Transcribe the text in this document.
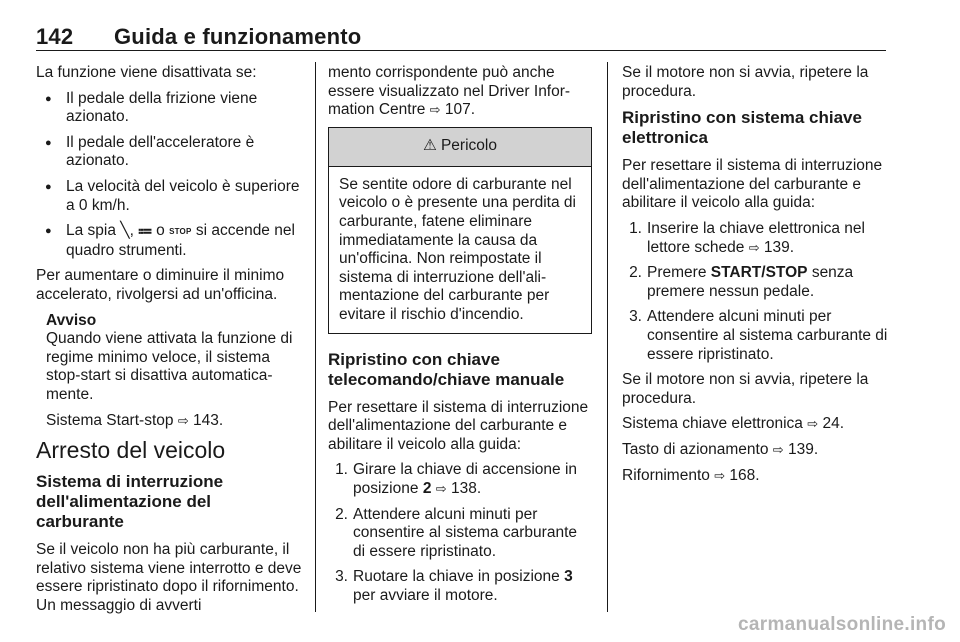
142 Guida e funzionamento

La funzione viene disattivata se:

● Il pedale della frizione viene azionato.
● Il pedale dell'acceleratore è azionato.
● La velocità del veicolo è superiore a 0 km/h.
● La spia ╲, ⩴ o STOP si accende nel quadro strumenti.

Per aumentare o diminuire il minimo accelerato, rivolgersi ad un'officina.

Avviso

Quando viene attivata la funzione di regime minimo veloce, il sistema stop-start si disattiva automaticamente.

Sistema Start-stop ⇨ 143.

Arresto del veicolo
Sistema di interruzione dell'alimentazione del carburante

Se il veicolo non ha più carburante, il relativo sistema viene interrotto e deve essere ripristinato dopo il rifornimento. Un messaggio di avverti

mento corrispondente può anche essere visualizzato nel Driver Information Centre ⇨ 107.

⚠ Pericolo
Se sentite odore di carburante nel veicolo o è presente una perdita di carburante, fatene eliminare immediatamente la causa da un'officina. Non reimpostate il sistema di interruzione dell'alimentazione del carburante per evitare il rischio d'incendio.
Ripristino con chiave telecomando/chiave manuale

Per resettare il sistema di interruzione dell'alimentazione del carburante e abilitare il veicolo alla guida:

1. Girare la chiave di accensione in posizione 2 ⇨ 138.
2. Attendere alcuni minuti per consentire al sistema carburante di essere ripristinato.
3. Ruotare la chiave in posizione 3 per avviare il motore.

Se il motore non si avvia, ripetere la procedura.

Ripristino con sistema chiave elettronica

Per resettare il sistema di interruzione dell'alimentazione del carburante e abilitare il veicolo alla guida:

1. Inserire la chiave elettronica nel lettore schede ⇨ 139.
2. Premere START/STOP senza premere nessun pedale.
3. Attendere alcuni minuti per consentire al sistema carburante di essere ripristinato.

Se il motore non si avvia, ripetere la procedura.

Sistema chiave elettronica ⇨ 24.

Tasto di azionamento ⇨ 139.

Rifornimento ⇨ 168.

carmanualsonline.info
